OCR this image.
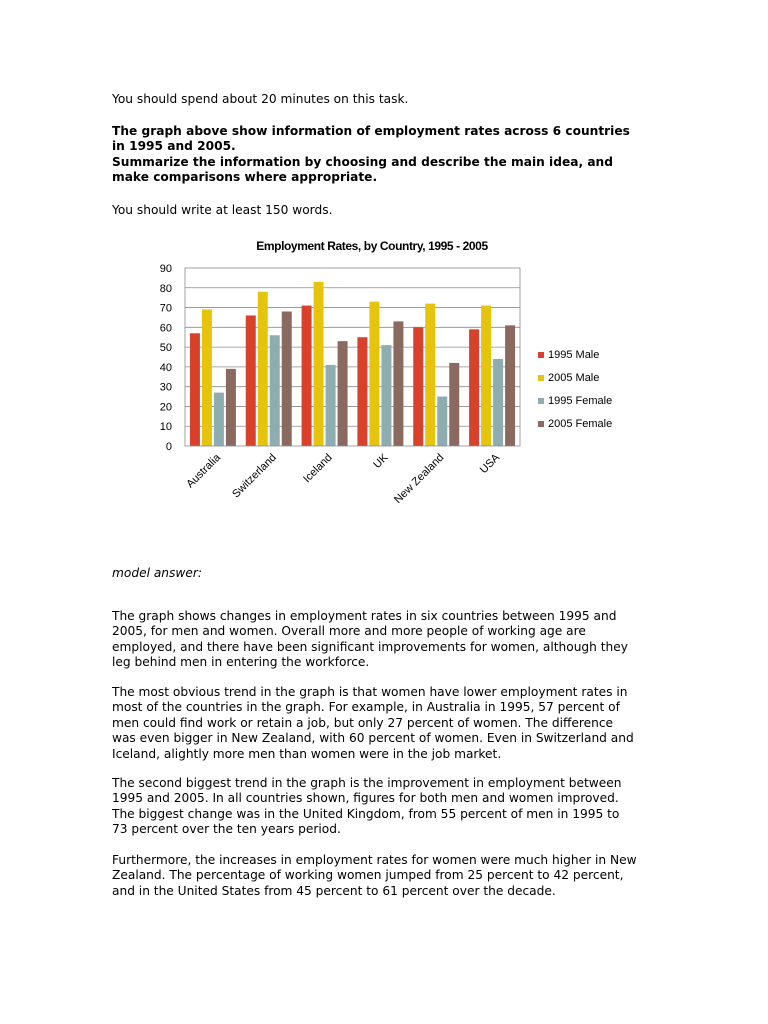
You should spend about 20 minutes on this task.
The graph above show information of employment rates across 6 countries
in 1995 and 2005.
Summarize the information by choosing and describe the main idea, and
make comparisons where appropriate.
You should write at least 150 words.
Employment Rates, by Country, 1995 - 2005
0
10
20
30
40
50
60
70
80
90
Australia Switzerland Iceland	UK New Zealand	USA
1995 Male
2005 Male
1995 Female
2005 Female
model answer:
The graph shows changes in employment rates in six countries between 1995 and
2005, for men and women. Overall more and more people of working age are
employed, and there have been significant improvements for women, although they
leg behind men in entering the workforce.
The most obvious trend in the graph is that women have lower employment rates in
most of the countries in the graph. For example, in Australia in 1995, 57 percent of
men could find work or retain a job, but only 27 percent of women. The difference
was even bigger in New Zealand, with 60 percent of women. Even in Switzerland and
Iceland, alightly more men than women were in the job market.
The second biggest trend in the graph is the improvement in employment between
1995 and 2005. In all countries shown, figures for both men and women improved.
The biggest change was in the United Kingdom, from 55 percent of men in 1995 to
73 percent over the ten years period.
Furthermore, the increases in employment rates for women were much higher in New
Zealand. The percentage of working women jumped from 25 percent to 42 percent,
and in the United States from 45 percent to 61 percent over the decade.
